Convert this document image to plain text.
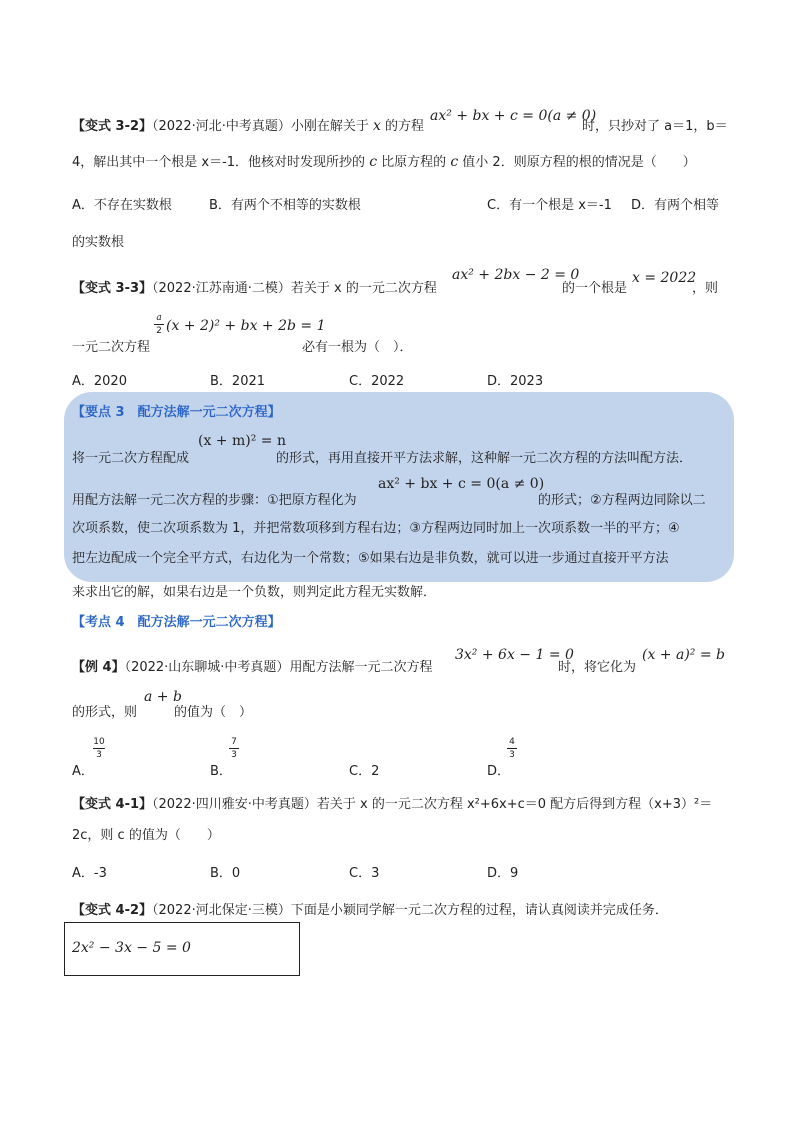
【变式 3-2】（2022·河北·中考真题）小刚在解关于 x 的方程
ax² + bx + c = 0(a ≠ 0)
时，只抄对了 a＝1，b＝
4，解出其中一个根是 x＝-1．他核对时发现所抄的 c 比原方程的 c 值小 2．则原方程的根的情况是（　　）
A．不存在实数根	B．有两个不相等的实数根	C．有一个根是 x＝-1 D．有两个相等
的实数根
【变式 3-3】（2022·江苏南通·二模）若关于 x 的一元二次方程
ax² + 2bx − 2 = 0
的一个根是
x = 2022
，则
一元二次方程
a
2 (x + 2)² + bx + 2b = 1
必有一根为（　）．
A．2020	B．2021	C．2022	D．2023
【要点 3　配方法解一元二次方程】
将一元二次方程配成
(x + m)² = n
的形式，再用直接开平方法求解，这种解一元二次方程的方法叫配方法．
用配方法解一元二次方程的步骤：①把原方程化为
ax² + bx + c = 0(a ≠ 0)
的形式；②方程两边同除以二
次项系数，使二次项系数为 1，并把常数项移到方程右边；③方程两边同时加上一次项系数一半的平方；④
把左边配成一个完全平方式，右边化为一个常数；⑤如果右边是非负数，就可以进一步通过直接开平方法
来求出它的解，如果右边是一个负数，则判定此方程无实数解．
【考点 4　配方法解一元二次方程】
【例 4】（2022·山东聊城·中考真题）用配方法解一元二次方程
3x² + 6x − 1 = 0
时，将它化为
(x + a)² = b
的形式，则
a + b
的值为（　）
A．
10
3
B．
7
3
C．2	D．
4
3
【变式 4-1】（2022·四川雅安·中考真题）若关于 x 的一元二次方程 x²+6x+c＝0 配方后得到方程（x+3）²＝
2c，则 c 的值为（　　）
A．-3	B．0	C．3	D．9
【变式 4-2】（2022·河北保定·三模）下面是小颖同学解一元二次方程的过程，请认真阅读并完成任务．
2x² − 3x − 5 = 0
